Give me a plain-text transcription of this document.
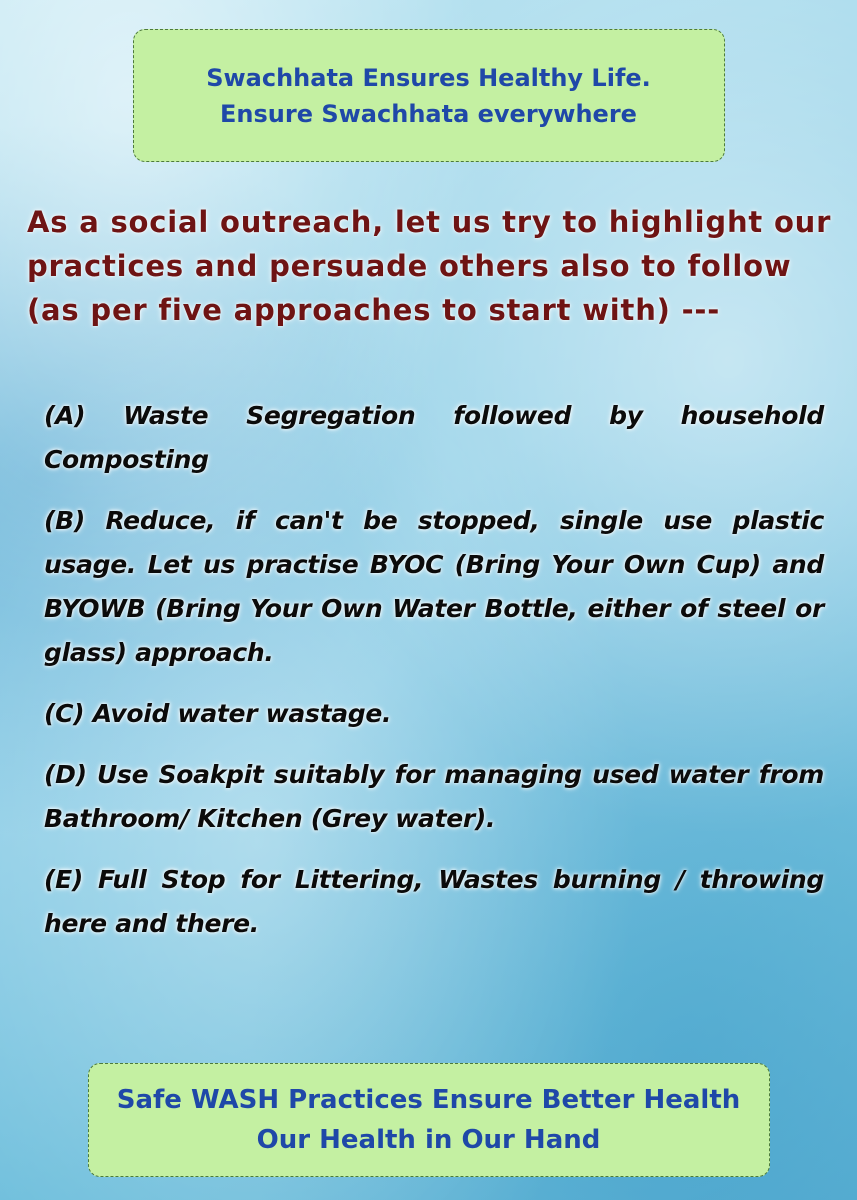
Swachhata Ensures Healthy Life.
Ensure Swachhata everywhere
As a social outreach, let us try to highlight our
practices and persuade others also to follow
(as per five approaches to start with) ---
(A) Waste Segregation followed by household Composting
(B) Reduce, if can't be stopped, single use plastic usage. Let us practise BYOC (Bring Your Own Cup) and BYOWB (Bring Your Own Water Bottle, either of steel or glass) approach.
(C) Avoid water wastage.
(D) Use Soakpit suitably for managing used water from Bathroom/ Kitchen (Grey water).
(E) Full Stop for Littering, Wastes burning / throwing here and there.
Safe WASH Practices Ensure Better Health
Our Health in Our Hand
